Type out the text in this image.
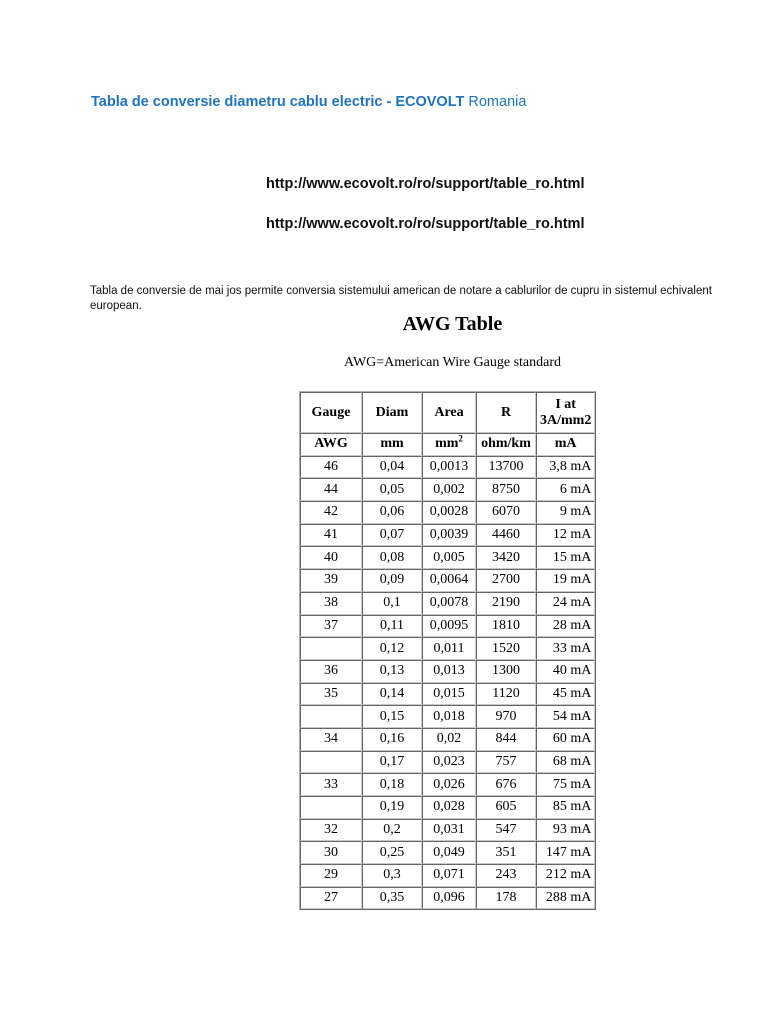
Tabla de conversie diametru cablu electric - ECOVOLT Romania
http://www.ecovolt.ro/ro/support/table_ro.html
http://www.ecovolt.ro/ro/support/table_ro.html
Tabla de conversie de mai jos permite conversia sistemului american de notare a cablurilor de cupru in sistemul echivalent
european.
AWG Table
AWG=American Wire Gauge standard
Gauge	Diam	Area	R	I at 3A/mm2
AWG	mm	$mm^2$	ohm/km	mA
46	0,04	0,0013	13700	3,8 mA
44	0,05	0,002	8750	6 mA
42	0,06	0,0028	6070	9 mA
41	0,07	0,0039	4460	12 mA
40	0,08	0,005	3420	15 mA
39	0,09	0,0064	2700	19 mA
38	0,1	0,0078	2190	24 mA
37	0,11	0,0095	1810	28 mA
	0,12	0,011	1520	33 mA
36	0,13	0,013	1300	40 mA
35	0,14	0,015	1120	45 mA
	0,15	0,018	970	54 mA
34	0,16	0,02	844	60 mA
	0,17	0,023	757	68 mA
33	0,18	0,026	676	75 mA
	0,19	0,028	605	85 mA
32	0,2	0,031	547	93 mA
30	0,25	0,049	351	147 mA
29	0,3	0,071	243	212 mA
27	0,35	0,096	178	288 mA
